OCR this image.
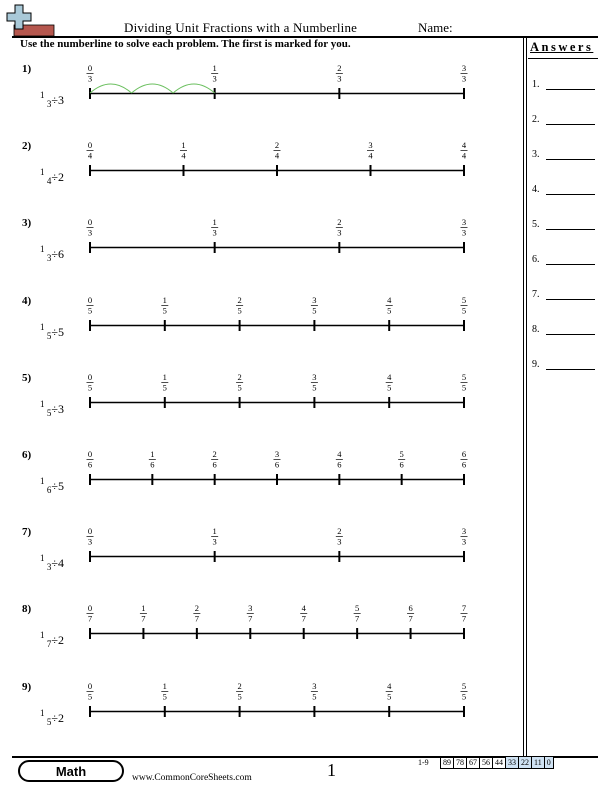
Dividing Unit Fractions with a Numberline	Name:
Use the numberline to solve each problem. The first is marked for you.	Answers
1.
2.
3.
4.
5.
6.
7.
8.
9.
1)
$^1$ $_3$÷3
0
3
1
3
2
3
3
3
2)
$^1$ $_4$÷2
0
4
1
4
2
4
3
4
4
4
3)
$^1$ $_3$÷6
0
3
1
3
2
3
3
3
4)
$^1$ $_5$÷5
0
5
1
5
2
5
3
5
4
5
5
5
5)
$^1$ $_5$÷3
0
5
1
5
2
5
3
5
4
5
5
5
6)
$^1$ $_6$÷5
0
6
1
6
2
6
3
6
4
6
5
6
6
6
7)
$^1$ $_3$÷4
0
3
1
3
2
3
3
3
8)
$^1$ $_7$÷2
0
7
1
7
2
7
3
7
4
7
5
7
6
7
7
7
9)
$^1$ $_5$÷2
0
5
1
5
2
5
3
5
4
5
5
5
Math	www.CommonCoreSheets.com	1	1-9 89	78	67	56	44	33	22	11	0
